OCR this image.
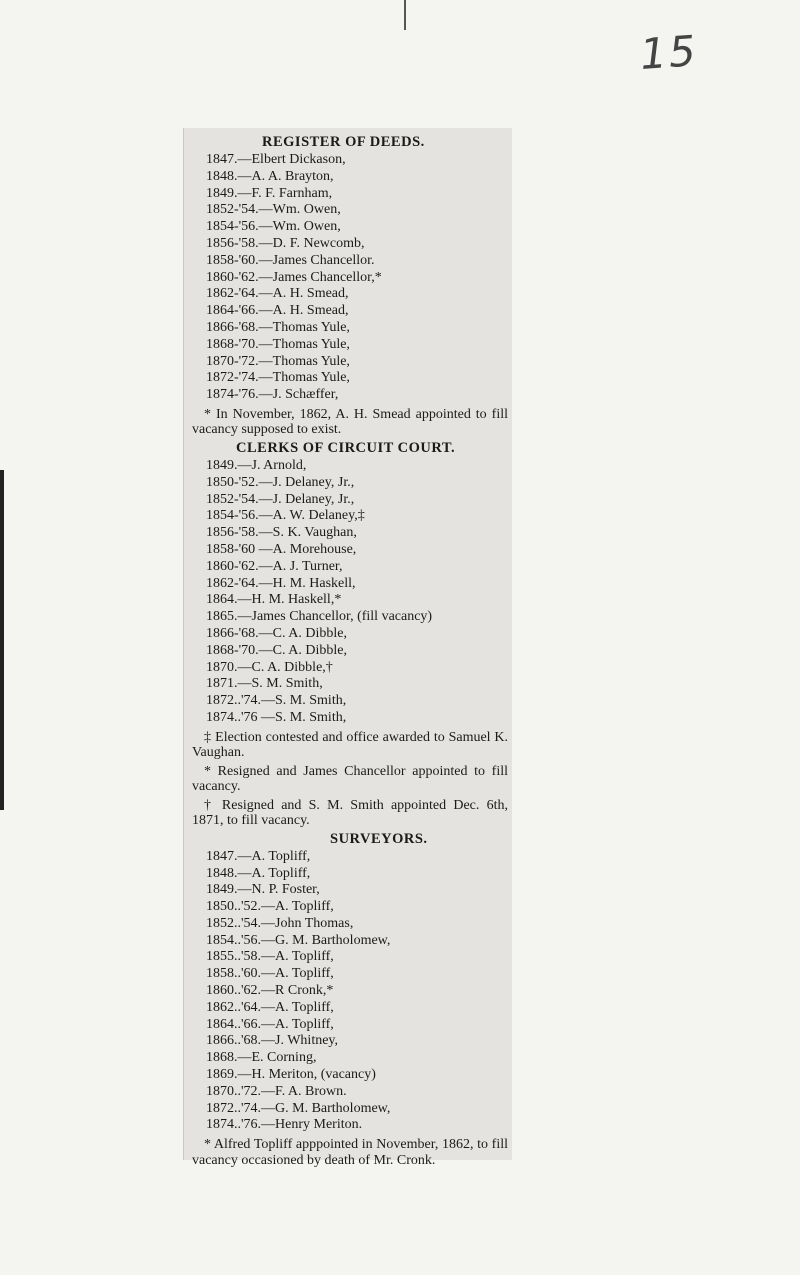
15
REGISTER OF DEEDS.

1847.—Elbert Dickason,

1848.—A. A. Brayton,

1849.—F. F. Farnham,

1852-'54.—Wm. Owen,

1854-'56.—Wm. Owen,

1856-'58.—D. F. Newcomb,

1858-'60.—James Chancellor.

1860-'62.—James Chancellor,*

1862-'64.—A. H. Smead,

1864-'66.—A. H. Smead,

1866-'68.—Thomas Yule,

1868-'70.—Thomas Yule,

1870-'72.—Thomas Yule,

1872-'74.—Thomas Yule,

1874-'76.—J. Schæffer,

* In November, 1862, A. H. Smead appointed to fill vacancy supposed to exist.

CLERKS OF CIRCUIT COURT.

1849.—J. Arnold,

1850-'52.—J. Delaney, Jr.,

1852-'54.—J. Delaney, Jr.,

1854-'56.—A. W. Delaney,‡

1856-'58.—S. K. Vaughan,

1858-'60 —A. Morehouse,

1860-'62.—A. J. Turner,

1862-'64.—H. M. Haskell,

1864.—H. M. Haskell,*

1865.—James Chancellor, (fill vacancy)

1866-'68.—C. A. Dibble,

1868-'70.—C. A. Dibble,

1870.—C. A. Dibble,†

1871.—S. M. Smith,

1872..'74.—S. M. Smith,

1874..'76 —S. M. Smith,

‡ Election contested and office awarded to Samuel K. Vaughan.

* Resigned and James Chancellor appointed to fill vacancy.

† Resigned and S. M. Smith appointed Dec. 6th, 1871, to fill vacancy.

SURVEYORS.

1847.—A. Topliff,

1848.—A. Topliff,

1849.—N. P. Foster,

1850..'52.—A. Topliff,

1852..'54.—John Thomas,

1854..'56.—G. M. Bartholomew,

1855..'58.—A. Topliff,

1858..'60.—A. Topliff,

1860..'62.—R Cronk,*

1862..'64.—A. Topliff,

1864..'66.—A. Topliff,

1866..'68.—J. Whitney,

1868.—E. Corning,

1869.—H. Meriton, (vacancy)

1870..'72.—F. A. Brown.

1872..'74.—G. M. Bartholomew,

1874..'76.—Henry Meriton.

* Alfred Topliff apppointed in November, 1862, to fill vacancy occasioned by death of Mr. Cronk.
